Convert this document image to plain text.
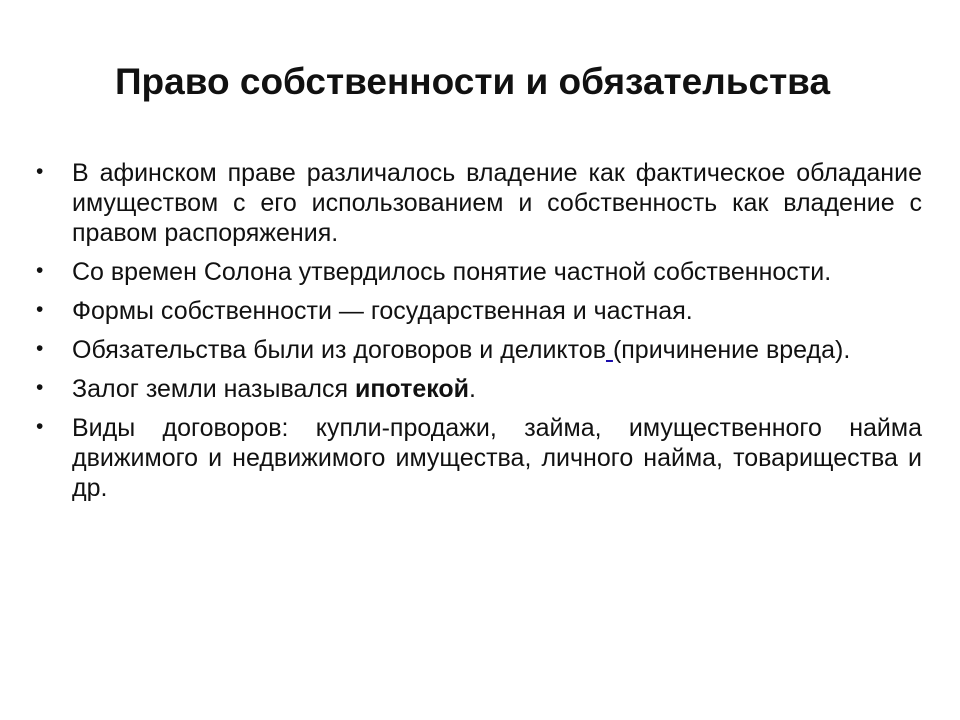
Право собственности и обязательства
• В афинском праве различалось владение как фактическое обладание имуществом с его использованием и собственность как владение с правом распоряжения.
• Со времен Солона утвердилось понятие частной собственности.
• Формы собственности — государственная и частная.
• Обязательства были из договоров и деликтов (причинение вреда).
• Залог земли назывался ипотекой.
• Виды договоров: купли-продажи, займа, имущественного найма движимого и недвижимого имущества, личного найма, товарищества и др.
